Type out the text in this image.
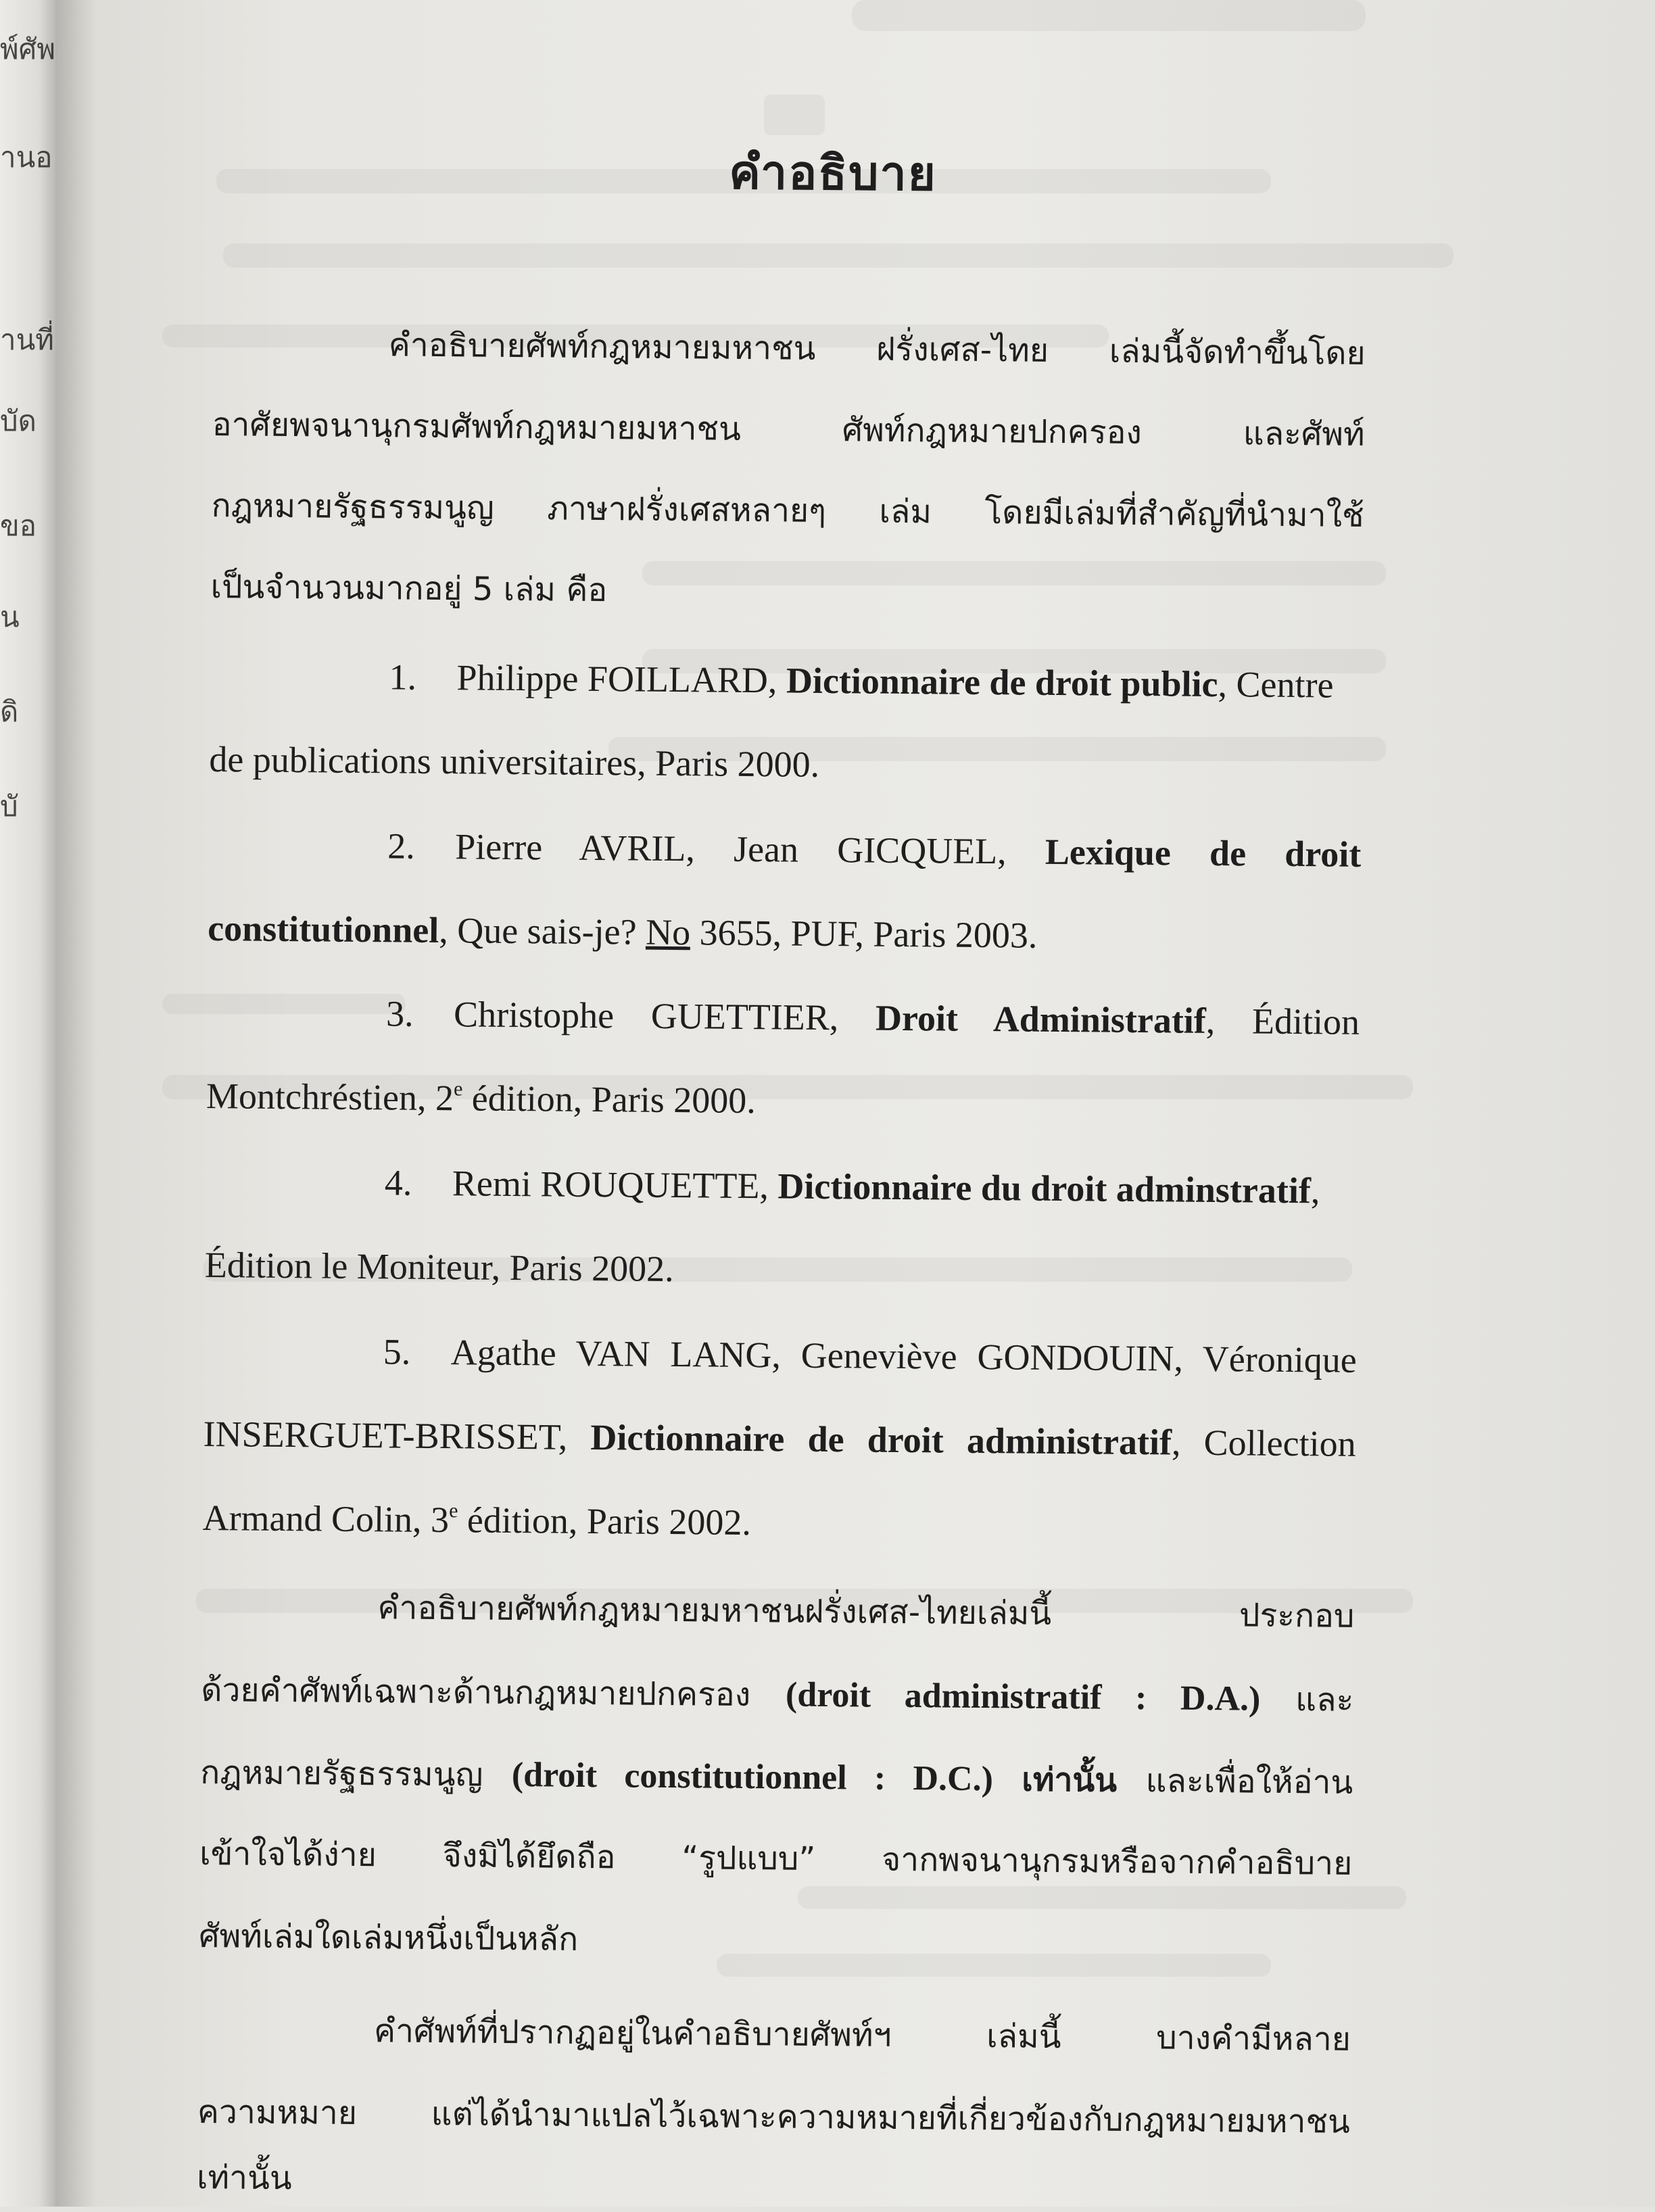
พ์ศัพ
านอ
านที่
บัด
ขอ
น
ดิ
บั
คำอธิบาย
คำอธิบายศัพท์กฎหมายมหาชน ฝรั่งเศส-ไทย เล่มนี้จัดทำขึ้นโดย
อาศัยพจนานุกรมศัพท์กฎหมายมหาชน ศัพท์กฎหมายปกครอง และศัพท์
กฎหมายรัฐธรรมนูญ ภาษาฝรั่งเศสหลายๆ เล่ม โดยมีเล่มที่สำคัญที่นำมาใช้
เป็นจำนวนมากอยู่ 5 เล่ม คือ
1. Philippe FOILLARD, Dictionnaire de droit public, Centre
de publications universitaires, Paris 2000.
2. Pierre AVRIL, Jean GICQUEL, Lexique de droit
constitutionnel, Que sais-je? No 3655, PUF, Paris 2003.
3. Christophe GUETTIER, Droit Administratif, Édition
Montchréstien, 2e édition, Paris 2000.
4. Remi ROUQUETTE, Dictionnaire du droit adminstratif,
Édition le Moniteur, Paris 2002.
5. Agathe VAN LANG, Geneviève GONDOUIN, Véronique
INSERGUET-BRISSET, Dictionnaire de droit administratif, Collection
Armand Colin, 3e édition, Paris 2002.
คำอธิบายศัพท์กฎหมายมหาชนฝรั่งเศส-ไทยเล่มนี้ ประกอบ
ด้วยคำศัพท์เฉพาะด้านกฎหมายปกครอง (droit administratif : D.A.) และ
กฎหมายรัฐธรรมนูญ (droit constitutionnel : D.C.) เท่านั้น และเพื่อให้อ่าน
เข้าใจได้ง่าย จึงมิได้ยึดถือ “รูปแบบ” จากพจนานุกรมหรือจากคำอธิบาย
ศัพท์เล่มใดเล่มหนึ่งเป็นหลัก
คำศัพท์ที่ปรากฏอยู่ในคำอธิบายศัพท์ฯ เล่มนี้ บางคำมีหลาย
ความหมาย แต่ได้นำมาแปลไว้เฉพาะความหมายที่เกี่ยวข้องกับกฎหมายมหาชน
เท่านั้น
